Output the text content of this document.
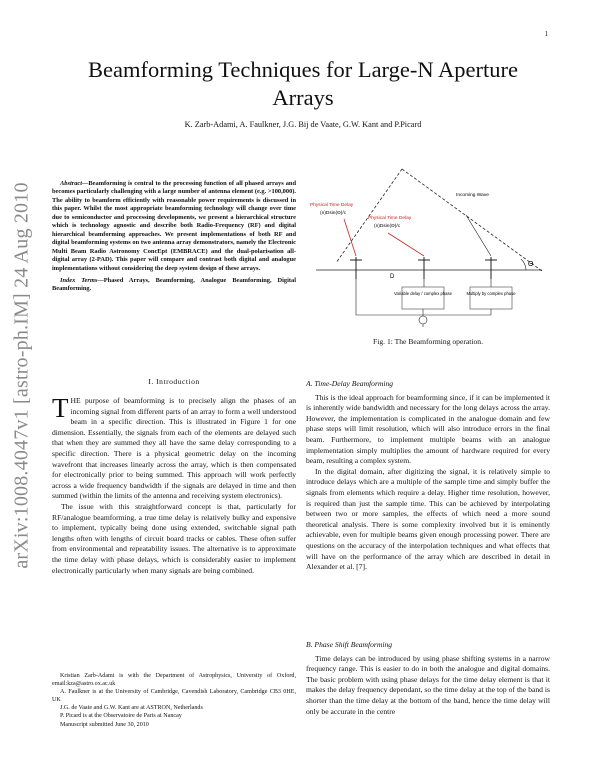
1
arXiv:1008.4047v1 [astro-ph.IM] 24 Aug 2010
Beamforming Techniques for Large-N Aperture Arrays
K. Zarb-Adami, A. Faulkner, J.G. Bij de Vaate, G.W. Kant and P.Picard

Abstract—Beamforming is central to the processing function of all phased arrays and becomes particularly challenging with a large number of antenna element (e.g. >100,000). The ability to beamform efficiently with reasonable power requirements is discussed in this paper. Whilst the most appropriate beamforming technology will change over time due to semiconductor and processing developments, we present a hierarchical structure which is technology agnostic and describe both Radio-Frequency (RF) and digital hierarchical beamforming approaches. We present implementations of both RF and digital beamforming systems on two antenna array demonstrators, namely the Electronic Multi Beam Radio Astronomy ConcEpt (EMBRACE) and the dual-polarisation all-digital array (2-PAD). This paper will compare and contrast both digital and analogue implementations without considering the deep system design of these arrays.

Index Terms—Phased Arrays, Beamforming, Analogue Beamforming, Digital Beamforming.

Θ
D
Variable delay / complex phase	Multiply by complex phase
Physical Time Delay
(n)Dsin(Θ)/c
Physical Time Delay
(n)Dsin(Θ)/c
Incoming Wave
Fig. 1: The Beamforming operation.
I. Introduction

THE purpose of beamforming is to precisely align the phases of an incoming signal from different parts of an array to form a well understood beam in a specific direction. This is illustrated in Figure 1 for one dimension. Essentially, the signals from each of the elements are delayed such that when they are summed they all have the same delay corresponding to a specific direction. There is a physical geometric delay on the incoming wavefront that increases linearly across the array, which is then compensated for electronically prior to being summed. This approach will work perfectly across a wide frequency bandwidth if the signals are delayed in time and then summed (within the limits of the antenna and receiving system electronics).

The issue with this straightforward concept is that, particularly for RF/analogue beamforming, a true time delay is relatively bulky and expensive to implement, typically being done using extended, switchable signal path lengths often with lengths of circuit board tracks or cables. These often suffer from environmental and repeatability issues. The alternative is to approximate the time delay with phase delays, which is considerably easier to implement electronically particularly when many signals are being combined.

Kristian Zarb-Adami is with the Department of Astrophysics, University of Oxford, email:kza@astro.ox.ac.uk

A. Faulkner is at the University of Cambridge, Cavendish Laboratory, Cambridge CB3 0HE, UK

J.G. de Vaate and G.W. Kant are at ASTRON, Netherlands

P. Picard is at the Observatoire de Paris at Nancay

Manuscript submitted June 30, 2010

A. Time-Delay Beamforming

This is the ideal approach for beamforming since, if it can be implemented it is inherently wide bandwidth and necessary for the long delays across the array. However, the implementation is complicated in the analogue domain and few phase steps will limit resolution, which will also introduce errors in the final beam. Furthermore, to implement multiple beams with an analogue implementation simply multiplies the amount of hardware required for every beam, resulting a complex system.

In the digital domain, after digitizing the signal, it is relatively simple to introduce delays which are a multiple of the sample time and simply buffer the signals from elements which require a delay. Higher time resolution, however, is required than just the sample time. This can be achieved by interpolating between two or more samples, the effects of which need a more sound theoretical analysis. There is some complexity involved but it is eminently achievable, even for multiple beams given enough processing power. There are questions on the accuracy of the interpolation techniques and what effects that will have on the performance of the array which are described in detail in Alexander et al. [7].

B. Phase Shift Beamforming

Time delays can be introduced by using phase shifting systems in a narrow frequency range. This is easier to do in both the analogue and digital domains. The basic problem with using phase delays for the time delay element is that it makes the delay frequency dependant, so the time delay at the top of the band is shorter than the time delay at the bottom of the band, hence the time delay will only be accurate in the centre
